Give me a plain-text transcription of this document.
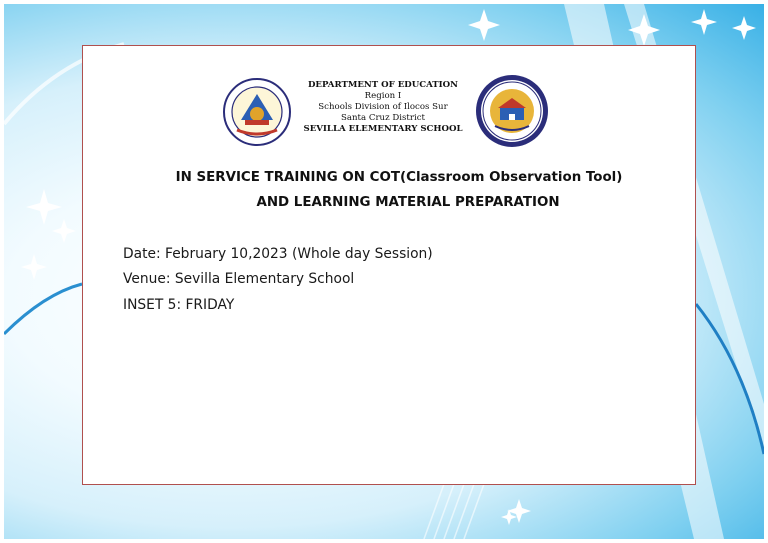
DEPARTMENT OF EDUCATION
Region I
Schools Division of Ilocos Sur
Santa Cruz District
SEVILLA ELEMENTARY SCHOOL
IN SERVICE TRAINING ON COT(Classroom Observation Tool)
AND LEARNING MATERIAL PREPARATION
Date: February 10,2023 (Whole day Session)
Venue: Sevilla Elementary School
INSET 5: FRIDAY
